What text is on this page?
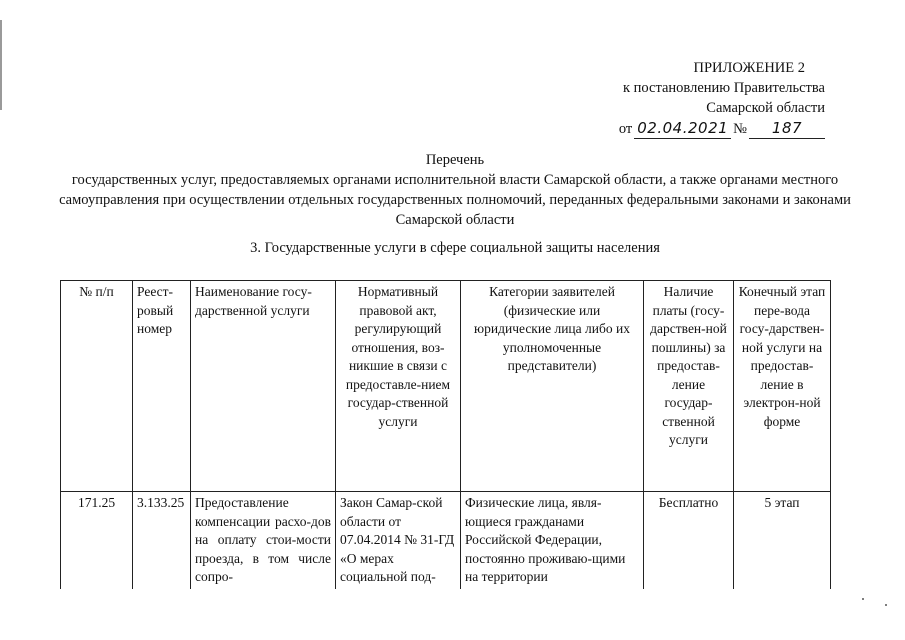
ПРИЛОЖЕНИЕ 2
к постановлению Правительства
Самарской области
от 02.04.2021 №	187
Перечень
государственных услуг, предоставляемых органами исполнительной власти Самарской области, а также органами местного самоуправления при осуществлении отдельных государственных полномочий, переданных федеральными законами и законами Самарской области
3. Государственные услуги в сфере социальной защиты населения
№ п/п	Реест-ровый номер	Наименование госу-дарственной услуги	Нормативный правовой акт, регулирующий отношения, воз-никшие в связи с предоставле-нием государ-ственной услуги	Категории заявителей (физические или юридические лица либо их уполномоченные представители)	Наличие платы (госу-дарствен-ной пошлины) за предостав-ление государ-ственной услуги	Конечный этап пере-вода госу-дарствен-ной услуги на предостав-ление в электрон-ной форме
171.25	3.133.25	Предоставление компенсации расхо-дов на оплату стои-мости проезда, в том числе сопро-	Закон Самар-ской области от 07.04.2014 № 31-ГД «О мерах социальной под-	Физические лица, явля-ющиеся гражданами Российской Федерации, постоянно проживаю-щими на территории	Бесплатно	5 этап
